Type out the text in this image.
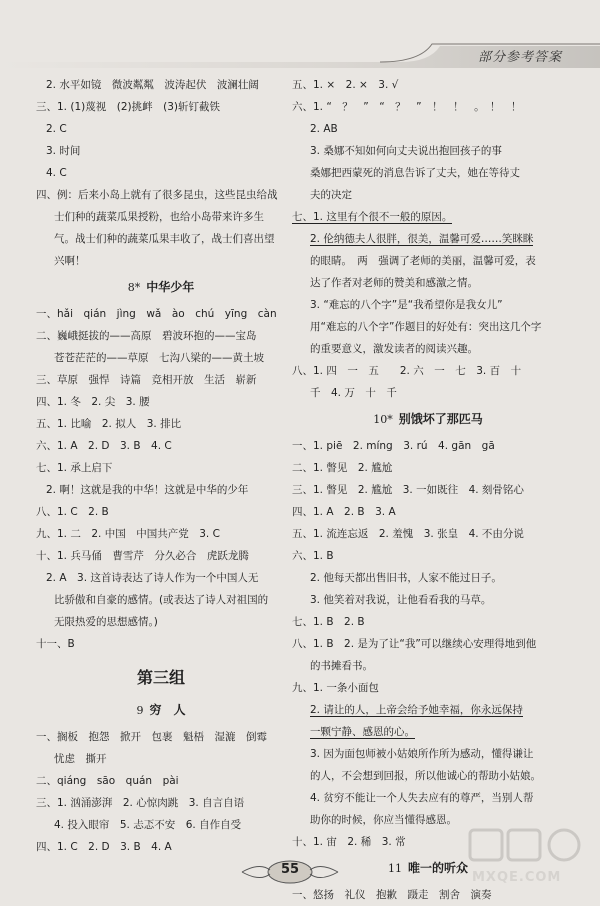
部分参考答案
2. 水平如镜　微波粼粼　波涛起伏　波澜壮阔
三、1. (1)蔑视　(2)挑衅　(3)斩钉截铁
2. C
3. 时间
4. C
四、例：后来小岛上就有了很多昆虫，这些昆虫给战
士们种的蔬菜瓜果授粉，也给小岛带来许多生
气。战士们种的蔬菜瓜果丰收了，战士们喜出望
兴啊！
8* 中华少年
一、hǎi　qián　jìng　wǎ　ào　chú　yīng　càn
二、巍峨挺拔的——高原　碧波环抱的——宝岛
苍苍茫茫的——草原　七沟八梁的——黄土坡
三、草原　强悍　诗篇　竞相开放　生活　崭新
四、1. 冬　2. 尖　3. 腰
五、1. 比喻　2. 拟人　3. 排比
六、1. A　2. D　3. B　4. C
七、1. 承上启下
2. 啊！这就是我的中华！这就是中华的少年
八、1. C　2. B
九、1. 二　2. 中国　中国共产党　3. C
十、1. 兵马俑　曹雪芹　分久必合　虎跃龙腾
2. A　3. 这首诗表达了诗人作为一个中国人无
比骄傲和自豪的感情。(或表达了诗人对祖国的
无限热爱的思想感情。)
十一、B
第三组
9 穷　人
一、搁板　抱怨　掀开　包裹　魁梧　湿漉　倒霉
忧虑　撕开
二、qiáng　sāo　quán　pài
三、1. 汹涌澎湃　2. 心惊肉跳　3. 自言自语
4. 投入眼帘　5. 忐忑不安　6. 自作自受
四、1. C　2. D　3. B　4. A
五、1. ×　2. ×　3. √
六、1. “　？　”　“　？　”　！　！　。　！　！
2. AB
3. 桑娜不知如何向丈夫说出抱回孩子的事
桑娜把西蒙死的消息告诉了丈夫，她在等待丈
夫的决定
七、1. 这里有个很不一般的原因。
2. 伦纳德夫人很胖，很美，温馨可爱……笑眯眯
的眼睛。　两　强调了老师的美丽，温馨可爱，表
达了作者对老师的赞美和感激之情。
3. “难忘的八个字”是“我希望你是我女儿”
用“难忘的八个字”作题目的好处有：突出这几个字
的重要意义，激发读者的阅读兴趣。
八、1. 四　一　五　　2. 六　一　七　3. 百　十
千　4. 万　十　千
10* 别饿坏了那匹马
一、1. piē　2. míng　3. rú　4. gān　gā
二、1. 瞥见　2. 尴尬
三、1. 瞥见　2. 尴尬　3. 一如既往　4. 刻骨铭心
四、1. A　2. B　3. A
五、1. 流连忘返　2. 羞愧　3. 张皇　4. 不由分说
六、1. B
2. 他每天都出售旧书，人家不能过日子。
3. 他笑着对我说，让他看看我的马草。
七、1. B　2. B
八、1. B　2. 是为了让“我”可以继续心安理得地到他
的书摊看书。
九、1. 一条小面包
2. 请让的人，上帝会给予她幸福，你永远保持
一颗宁静、感恩的心。
3. 因为面包师被小姑娘所作所为感动，懂得谦让
的人，不会想到回报，所以他诚心的帮助小姑娘。
4. 贫穷不能让一个人失去应有的尊严，当别人帮
助你的时候，你应当懂得感恩。
十、1. 宙　2. 稀　3. 常
11 唯一的听众
一、悠扬　礼仪　抱歉　蹑走　割舍　演奏
55
MXQE.COM
